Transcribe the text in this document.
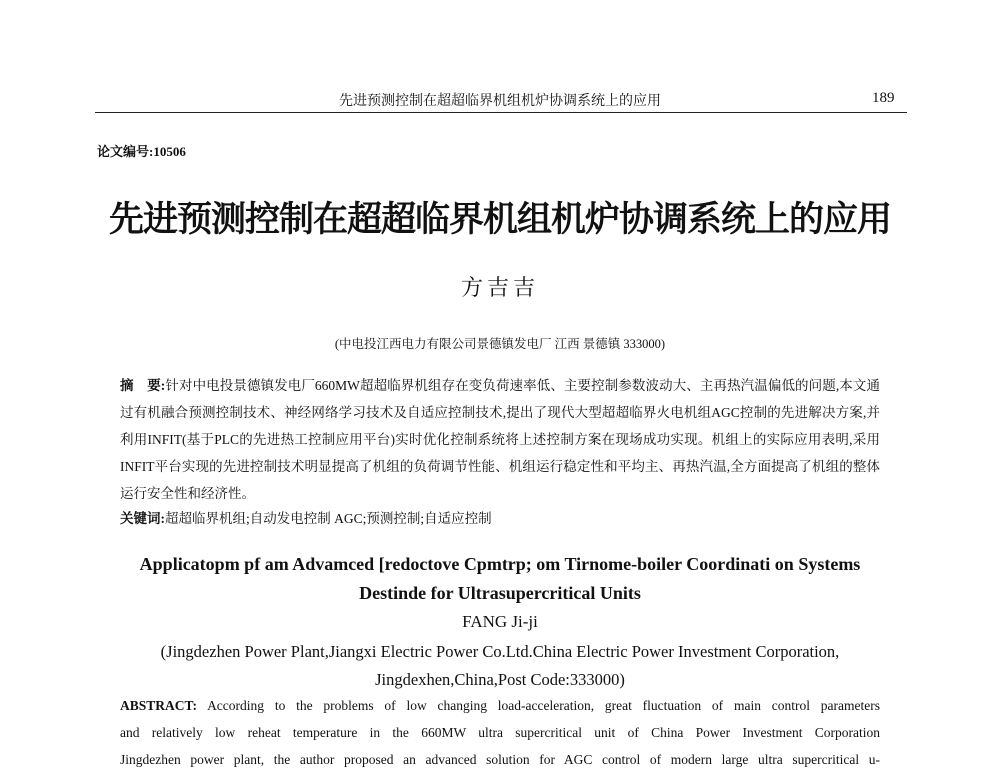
先进预测控制在超超临界机组机炉协调系统上的应用	189
论文编号:10506
先进预测控制在超超临界机组机炉协调系统上的应用
方吉吉
(中电投江西电力有限公司景德镇发电厂 江西 景德镇 333000)
摘　要:针对中电投景德镇发电厂660MW超超临界机组存在变负荷速率低、主要控制参数波动大、主再热汽温偏低的问题,本文通过有机融合预测控制技术、神经网络学习技术及自适应控制技术,提出了现代大型超超临界火电机组AGC控制的先进解决方案,并利用INFIT(基于PLC的先进热工控制应用平台)实时优化控制系统将上述控制方案在现场成功实现。机组上的实际应用表明,采用INFIT平台实现的先进控制技术明显提高了机组的负荷调节性能、机组运行稳定性和平均主、再热汽温,全方面提高了机组的整体运行安全性和经济性。
关键词:超超临界机组;自动发电控制 AGC;预测控制;自适应控制
Applicatopm pf am Advamced [redoctove Cpmtrp; om Tirnome-boiler Coordinati on Systems
Destinde for Ultrasupercritical Units
FANG Ji-ji
(Jingdezhen Power Plant,Jiangxi Electric Power Co.Ltd.China Electric Power Investment Corporation,
Jingdexhen,China,Post Code:333000)
ABSTRACT: According to the problems of low changing load-acceleration, great fluctuation of main control parameters
and relatively low reheat temperature in the 660MW ultra supercritical unit of China Power Investment Corporation
Jingdezhen power plant, the author proposed an advanced solution for AGC control of modern large ultra supercritical u-
